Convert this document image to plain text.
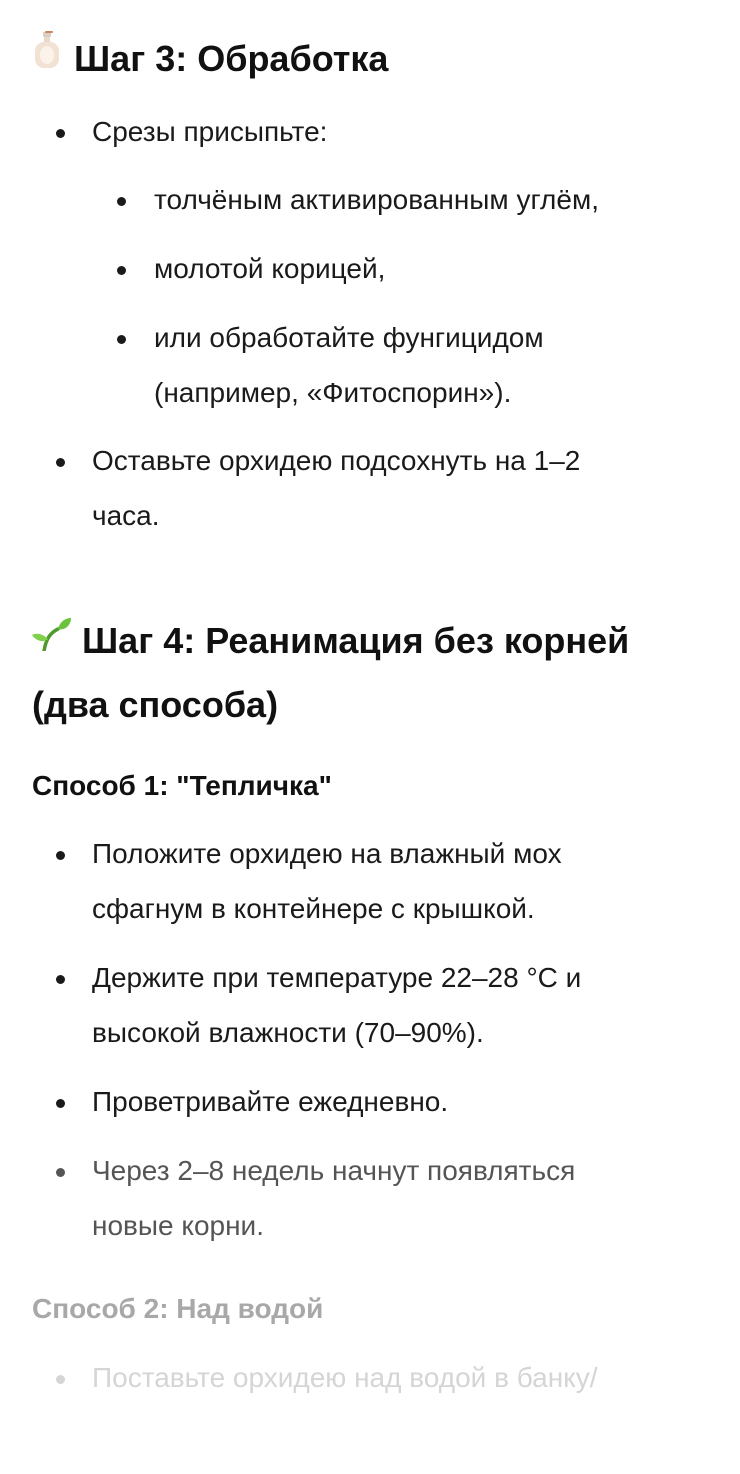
Шаг 3: Обработка
Срезы присыпьте:
толчёным активированным углём,
молотой корицей,
или обработайте фунгицидом (например, «Фитоспорин»).
Оставьте орхидею подсохнуть на 1–2 часа.
Шаг 4: Реанимация без корней (два способа)
Способ 1: "Тепличка"
Положите орхидею на влажный мох сфагнум в контейнере с крышкой.
Держите при температуре 22–28 °C и высокой влажности (70–90%).
Проветривайте ежедневно.
Через 2–8 недель начнут появляться новые корни.
Способ 2: Над водой
Поставьте орхидею над водой в банку/
